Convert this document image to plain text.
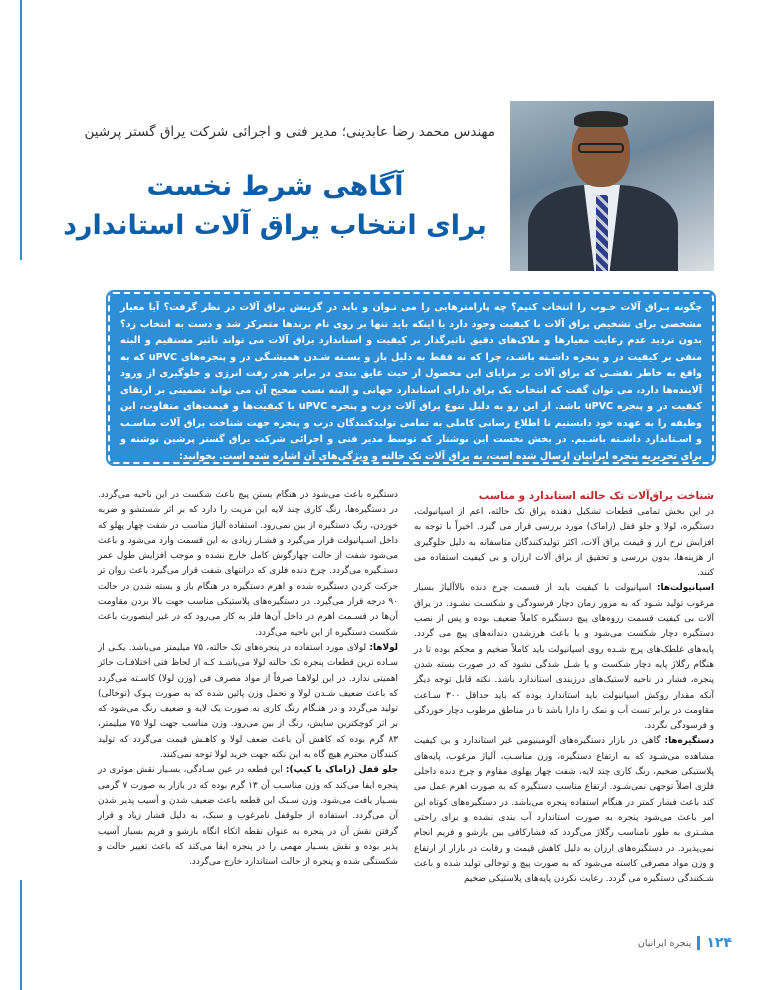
مهندس محمد رضا عابدینی؛ مدیر فنی و اجرائی شرکت یراق گستر پرشین
آگاهی شرط نخست
برای انتخاب یراق آلات استاندارد

چگونه یـراق آلات خـوب را انتخاب کنیم؟ چه پارامترهایی را می تـوان و باید در گزینش یراق آلات در نظر گرفت؟ آیا معیار مشخصی برای تشخیص یراق آلات با کیفیت وجود دارد یا اینکه باید تنها بر روی نام برندها متمرکز شد و دست به انتخاب زد؟ بدون تردید عدم رعایت معیارها و ملاک‌های دقیق تاثیرگذار بر کیفیت و استاندارد یراق آلات می تواند تاثیر مستقیم و البته منفی بر کیفیت در و پنجره داشـته باشـد، چرا که نه فقط به دلیل باز و بسـته شـدن همیشـگی در و پنجره‌های uPVC که به واقع به خاطر نقشـی که یراق آلات بر مزایای این محصول از حیث عایق بندی در برابر هدر رفت انرژی و جلوگیری از ورود آلاینده‌ها دارد، می توان گفت که انتخاب یک یراق دارای استاندارد جهانی و البته نسب صحیح آن می تواند تضمینی بر ارتقای کیفیت در و پنجره uPVC باشد. از این رو به دلیل تنوع یراق آلات درب و پنجره uPVC با کیفیت‌ها و قیمت‌های متفاوت، این وظیفه را به عهده خود دانستیم تا اطلاع رسانی کاملی به تمامی تولیدکنندگان درب و پنجره جهت شناخت یراق آلات مناسـب و اسـتاندارد داشـته باشـیم. در بخش نخست این نوشتار که توسط مدیر فنی و اجرائی شرکت یراق گستر پرشین نوشته و برای تحریریه پنجره ایرانیان ارسال شده است، به یراق آلات تک حالته و ویژگی‌های آن اشاره شده است. بخوانید:

شناخت یراق‌آلات تک حالته استاندارد و مناسب

در این بخش تمامی قطعات تشکیل دهنده یراق تک حالته، اعم از اسپانیولت، دستگیره، لولا و جلو قفل (زاماک) مورد بررسی قرار می گیرد. اخیراً با توجه به افزایش نرخ ارز و قیمت یراق آلات، اکثر تولیدکنندگان متاسفانه به دلیل جلوگیری از هزینه‌ها، بدون بررسی و تحقیق از یراق آلات ارزان و بی کیفیت استفاده می کنند.

اسپانیولت‌ها: اسپانیولت با کیفیت باید از قسمت چرخ دنده بالاآلیاژ بسیار مرغوب تولید شـود که به مرور زمان دچار فرسودگی و شکسـت نشـود. در یراق آلات بی کیفیت قسمت رزوه‌های پیچ دستگیره کاملاً ضعیف بوده و پس از نصب دستگیره دچار شکست می‌شود و یا باعث هرزشدن دندانه‌های پیچ می گردد. پایه‌های غلطک‌های پرچ شـده روی اسپانیولت باید کاملاً ضخیم و محکم بوده تا در هنگام رگلاژ پایه دچار شکست و یا شـل شدگی نشود که در صورت بسته شدن پنجره، فشار در ناحیه لاستیک‌های درزبندی استاندارد باشد. نکته قابل توجه دیگر آنکه مقدار روکش اسپانیولت باید استاندارد بوده که باید حداقل ۳۰۰ سـاعت مقاومت در برابر تست آب و نمک را دارا باشد تا در مناطق مرطوب دچار خوردگی و فرسودگی نگردد.

دستگیره‌ها: گاهی در بازار دستگیره‌های آلومینیومی غیر استاندارد و بی کیفیت مشاهده می‌شـود که به ارتفاع دستگیره، وزن مناسـب، آلیاژ مرغوب، پایه‌های پلاستیکی ضخیم، رنگ کاری چند لایه، شفت چهار پهلوی مقاوم و چرخ دنده داخلی فلزی اصلاً توجهی نمی‌شـود. ارتفاع مناسب دستگیره که به صورت اهرم عمل می کند باعث فشار کمتر در هنگام استفاده پنجره می‌باشد. در دستگیره‌های کوتاه این امر باعث می‌شود پنجره به صورت استاندارد آب بندی نشده و برای راحتی مشـتری به طور نامناسب رگلاژ می‌گردد که فشارکافی بین بازشو و فریم انجام نمی‌پذیرد. در دستگیره‌های ارزان به دلیل کاهش قیمت و رقابت در بازار از ارتفاع و وزن مواد مصرفی کاسته می‌شود که به صورت پیچ و توخالی تولید شده و باعث شـکنندگی دستگیره می گردد. رعایت نکردن پایه‌های پلاستیکی ضخیم

دستگیره باعث می‌شود در هنگام بستن پیچ باعث شکست در این ناحیه می‌گردد. در دستگیره‌ها، رنگ کاری چند لایه این مزیت را دارد که بر اثر شستشو و ضربه خوردن، رنگ دستگیره از بین نمی‌رود. استفاده آلیاژ مناسب در شفت چهار پهلو که داخل اسـپانیولت قرار می‌گیرد و فشـار زیادی به این قسمت وارد می‌شود و باعث می‌شود شفت از حالت چهارگوش کامل خارج نشده و موجب افزایش طول عمر دستـگیره می‌گردد. چرخ دنده فلزی که درانتهای شفت قرار می‌گیرد باعث روان تر حرکت کردن دستگیره شده و اهرم دستگیره در هنگام باز و بسته شدن در حالت ۹۰ درجه قرار می‌گیرد. در دستگیره‌های پلاستیکی مناسب جهت بالا بردن مقاومت آن‌ها در قسـمت اهرم در داخل آن‌ها فلز به کار می‌رود که در غیر اینصورت باعث شکست دستگیره از این ناحیه می‌گردد.

لولاها: لولای مورد استفاده در پنجره‌های تک حالته، ۷۵ میلیمتر می‌باشد. یکـی از سـاده ترین قطعات پنجره تک حالته لولا می‌باشـد کـه از لحاظ فنی اختلافـات حائز اهمیتی ندارد. در این لولاهـا صرفاً از مواد مصرف فی (وزن لولا) کاسـته می‌گردد که باعث ضعیف شـدن لولا و تحمل وزن پائین شده که به صورت پـوک (توخالی) تولید می‌گردد و در هنـگام رنگ کاری به صورت یک لایه و ضعیف رنگ می‌شود که بر اثر کوچکترین سایش، رنگ از بین می‌رود. وزن مناسب جهت لولا ۷۵ میلیمتر، ۸۳ گرم بوده که کاهش آن باعث ضعف لولا و کاهـش قیمت می‌گردد که تولید کنندگان محترم هیچ گاه به این نکته جهت خرید لولا توجه نمی‌کنند.

جلو قفل (زاماک یا کیپ): این قطعه در عین سـادگی، بسـیار نقش موثری در پنجره ایفا می‌کند که وزن مناسـب آن ۱۳ گرم بوده که در بازار به صورت ۷ گرمی بسـیار یافت می‌شود. وزن سـبک این قطعه باعث ضعیف شدن و آسیب پذیر شدن آن می‌گردد. استفاده از جلوقفل نامرغوب و سبک، به دلیل فشار زیاد و قرار گرفتن نقش آن در پنجره به عنوان نقطه اتکاء انگاه بازشو و فریم بسیار آسیب پذیر بوده و نقش بسـیار مهمی را در پنجره ایفا می‌کند که باعث تغییر حالت و شکستگی شده و پنجره از حالت استاندارد خارج می‌گردد.

۱۲۴
پنجره ایرانیان
